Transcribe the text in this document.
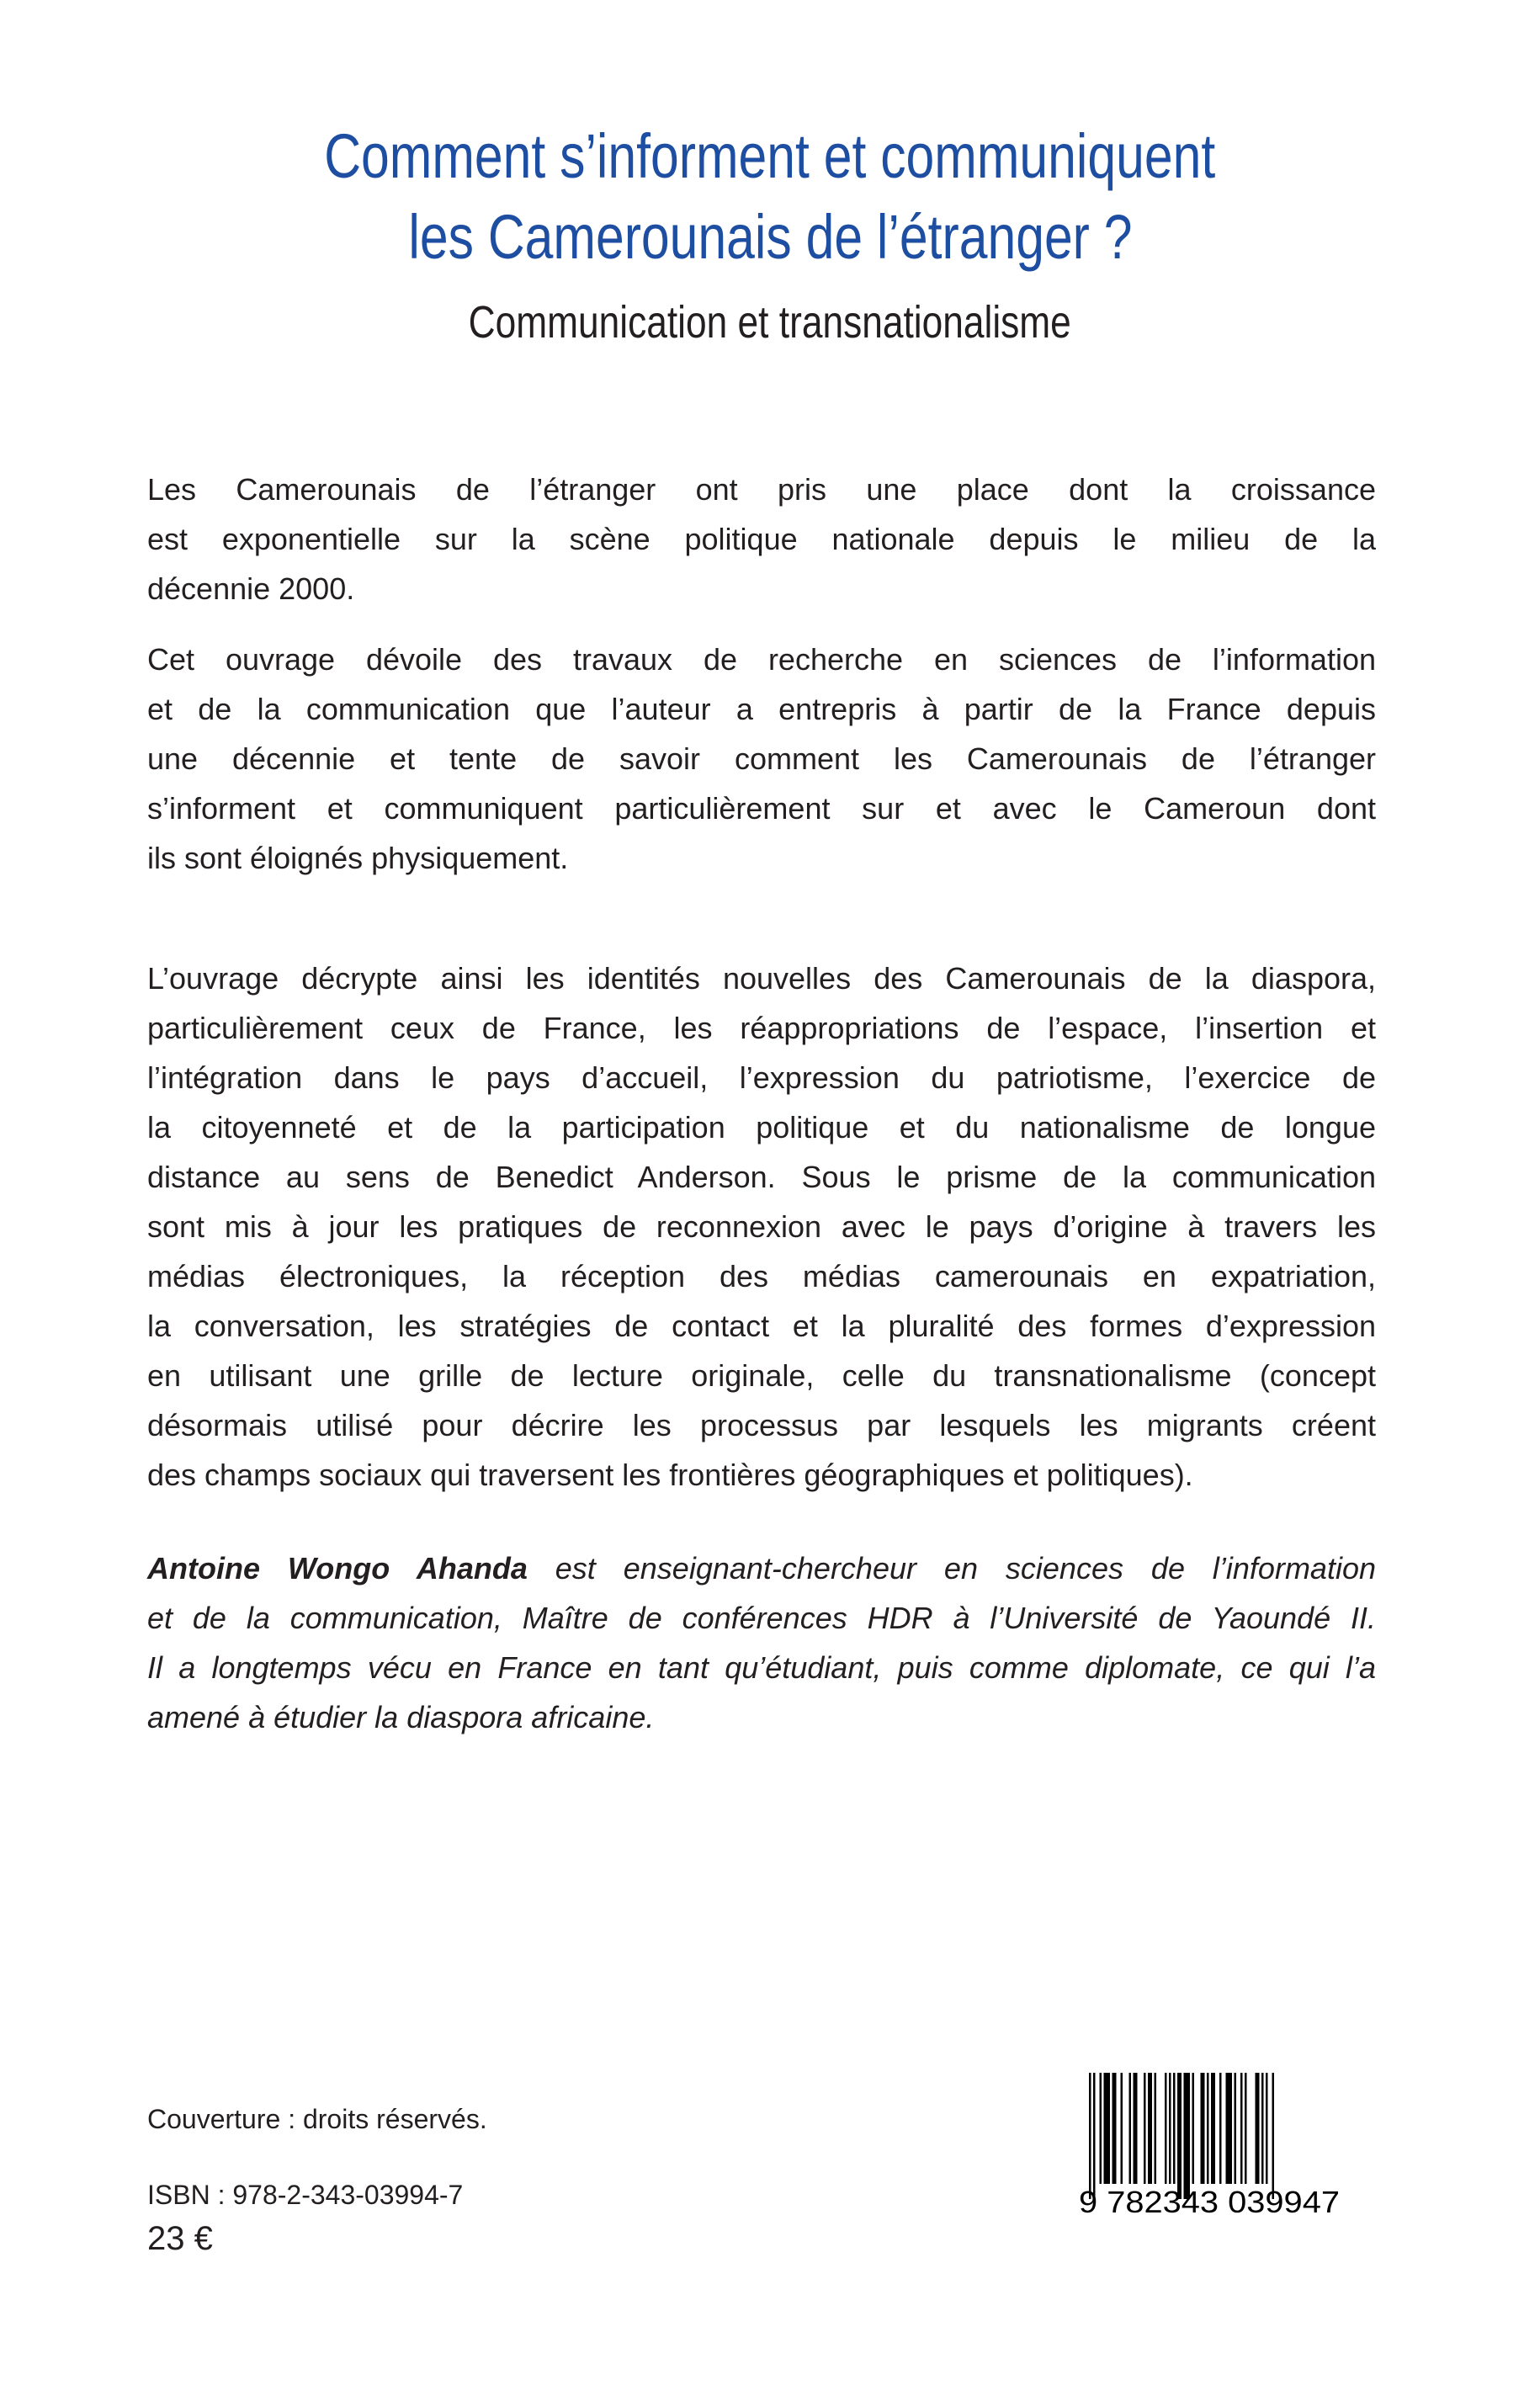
Comment s’informent et communiquent
les Camerounais de l’étranger ?
Communication et transnationalisme
Les Camerounais de l’étranger ont pris une place dont la croissance
est exponentielle sur la scène politique nationale depuis le milieu de la
décennie 2000.
Cet ouvrage dévoile des travaux de recherche en sciences de l’information
et de la communication que l’auteur a entrepris à partir de la France depuis
une décennie et tente de savoir comment les Camerounais de l’étranger
s’informent et communiquent particulièrement sur et avec le Cameroun dont
ils sont éloignés physiquement.
L’ouvrage décrypte ainsi les identités nouvelles des Camerounais de la diaspora,
particulièrement ceux de France, les réappropriations de l’espace, l’insertion et
l’intégration dans le pays d’accueil, l’expression du patriotisme, l’exercice de
la citoyenneté et de la participation politique et du nationalisme de longue
distance au sens de Benedict Anderson. Sous le prisme de la communication
sont mis à jour les pratiques de reconnexion avec le pays d’origine à travers les
médias électroniques, la réception des médias camerounais en expatriation,
la conversation, les stratégies de contact et la pluralité des formes d’expression
en utilisant une grille de lecture originale, celle du transnationalisme (concept
désormais utilisé pour décrire les processus par lesquels les migrants créent
des champs sociaux qui traversent les frontières géographiques et politiques).
Antoine Wongo Ahanda est enseignant-chercheur en sciences de l’information
et de la communication, Maître de conférences HDR à l’Université de Yaoundé II.
Il a longtemps vécu en France en tant qu’étudiant, puis comme diplomate, ce qui l’a
amené à étudier la diaspora africaine.
Couverture : droits réservés.
ISBN : 978-2-343-03994-7
23 €
9 782343 039947
